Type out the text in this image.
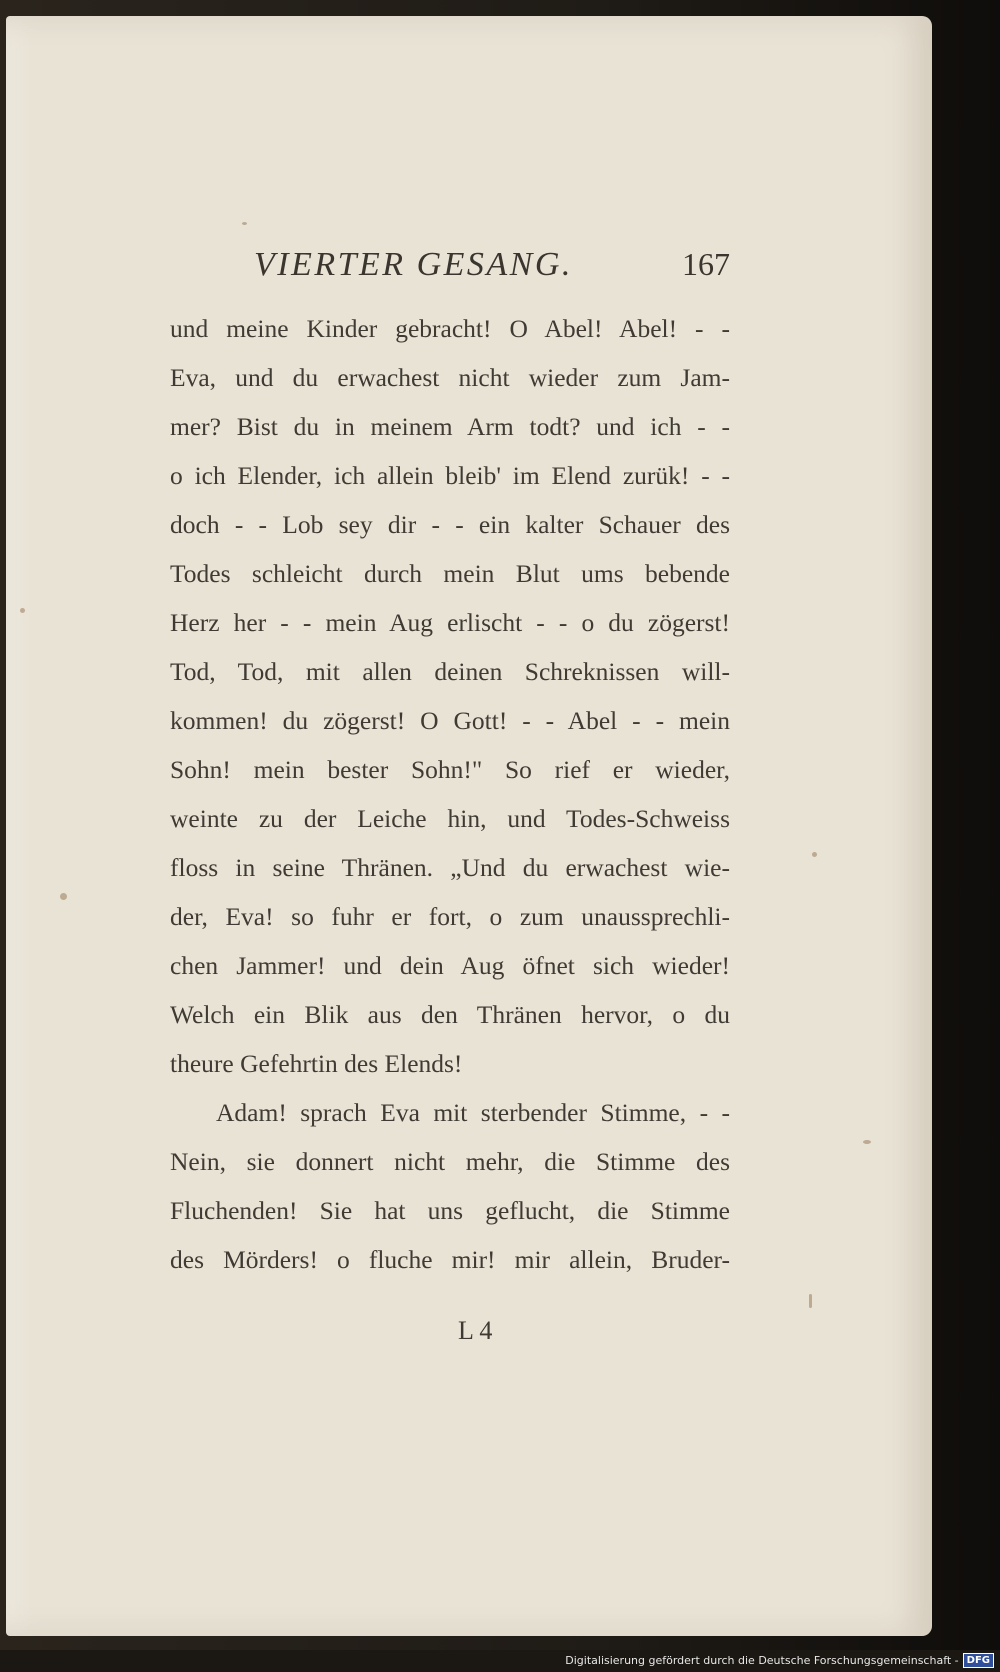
VIERTER GESANG.	167
und meine Kinder gebracht! O Abel! Abel! - -
Eva, und du erwachest nicht wieder zum Jam-
mer? Bist du in meinem Arm todt? und ich - -
o ich Elender, ich allein bleib' im Elend zurük! - -
doch - - Lob sey dir - - ein kalter Schauer des
Todes schleicht durch mein Blut ums bebende
Herz her - - mein Aug erlischt - - o du zögerst!
Tod, Tod, mit allen deinen Schreknissen will-
kommen! du zögerst! O Gott! - - Abel - - mein
Sohn! mein bester Sohn!" So rief er wieder,
weinte zu der Leiche hin, und Todes-Schweiss
floss in seine Thränen. „Und du erwachest wie-
der, Eva! so fuhr er fort, o zum unaussprechli-
chen Jammer! und dein Aug öfnet sich wieder!
Welch ein Blik aus den Thränen hervor, o du
theure Gefehrtin des Elends!
Adam! sprach Eva mit sterbender Stimme, - -
Nein, sie donnert nicht mehr, die Stimme des
Fluchenden! Sie hat uns geflucht, die Stimme
des Mörders! o fluche mir! mir allein, Bruder-
L 4
Digitalisierung gefördert durch die Deutsche Forschungsgemeinschaft - DFG
